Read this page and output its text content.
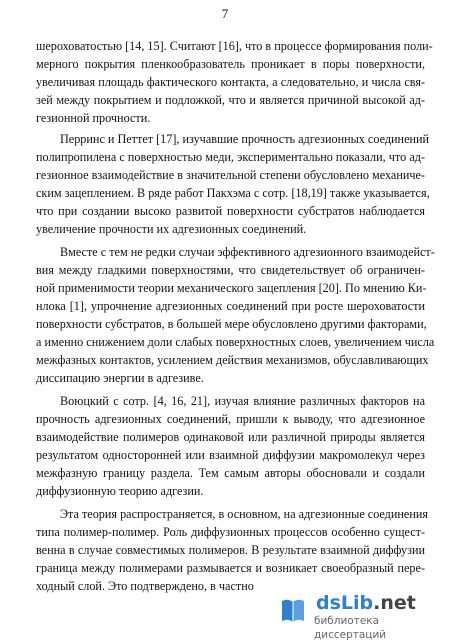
7
шероховатостью [14, 15]. Считают [16], что в процессе формирования поли-
мерного покрытия пленкообразователь проникает в поры поверхности,
увеличивая площадь фактического контакта, а следовательно, и числа свя-
зей между покрытием и подложкой, что и является причиной высокой ад-
гезионной прочности.
Перринс и Петтет [17], изучавшие прочность адгезионных соединений
полипропилена с поверхностью меди, экспериментально показали, что ад-
гезионное взаимодействие в значительной степени обусловлено механиче-
ским зацеплением. В ряде работ Пакхэма с сотр. [18,19] также указывается,
что при создании высоко развитой поверхности субстратов наблюдается
увеличение прочности их адгезионных соединений.
Вместе с тем не редки случаи эффективного адгезионного взаимодейст-
вия между гладкими поверхностями, что свидетельствует об ограничен-
ной применимости теории механического зацепления [20]. По мнению Ки-
нлока [1], упрочнение адгезионных соединений при росте шероховатости
поверхности субстратов, в большей мере обусловлено другими факторами,
а именно снижением доли слабых поверхностных слоев, увеличением числа
межфазных контактов, усилением действия механизмов, обуславливающих
диссипацию энергии в адгезиве.
Воюцкий с сотр. [4, 16, 21], изучая влияние различных факторов на
прочность адгезионных соединений, пришли к выводу, что адгезионное
взаимодействие полимеров одинаковой или различной природы является
результатом односторонней или взаимной диффузии макромолекул через
межфазную границу раздела. Тем самым авторы обосновали и создали
диффузионную теорию адгезии.
Эта теория распространяется, в основном, на адгезионные соединения
типа полимер-полимер. Роль диффузионных процессов особенно сущест-
венна в случае совместимых полимеров. В результате взаимной диффузии
граница между полимерами размывается и возникает своеобразный пере-
ходный слой. Это подтверждено, в частно
dsLib.net
библиотека диссертаций
